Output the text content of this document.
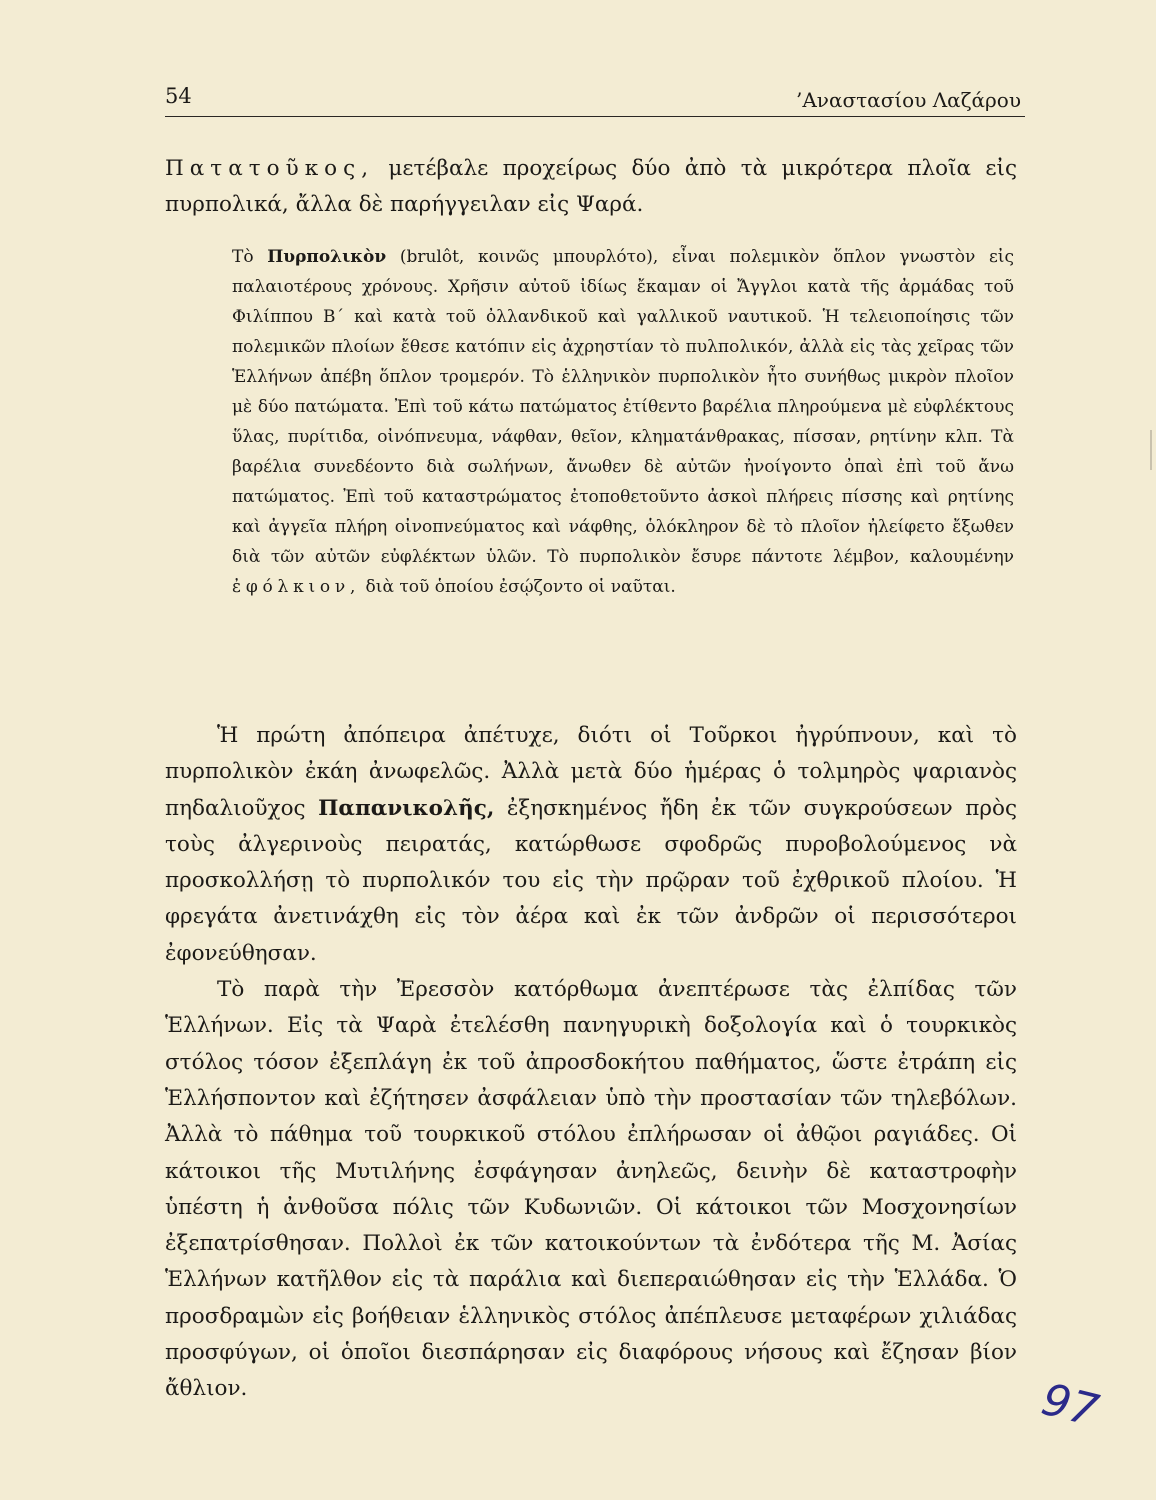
54	’Αναστασίου Λαζάρου

Πατατοῦκος, μετέβαλε προχείρως δύο ἀπὸ τὰ μικρότερα πλοῖα εἰς πυρπολικά, ἄλλα δὲ παρήγγειλαν εἰς Ψαρά.

Τὸ Πυρπολικὸν (brulôt, κοινῶς μπουρλότο), εἶναι πολεμικὸν ὅπλον γνωστὸν εἰς παλαιοτέρους χρόνους. Χρῆσιν αὐτοῦ ἰδίως ἔκαμαν οἱ Ἄγγλοι κατὰ τῆς ἀρμάδας τοῦ Φιλίππου Β΄ καὶ κατὰ τοῦ ὀλλανδικοῦ καὶ γαλλικοῦ ναυτικοῦ. Ἡ τελειοποίησις τῶν πολεμικῶν πλοίων ἔθεσε κατόπιν εἰς ἀχρηστίαν τὸ πυλπολικόν, ἀλλὰ εἰς τὰς χεῖρας τῶν Ἑλλήνων ἀπέβη ὅπλον τρομερόν. Τὸ ἑλληνικὸν πυρπολικὸν ἦτο συνήθως μικρὸν πλοῖον μὲ δύο πατώματα. Ἐπὶ τοῦ κάτω πατώματος ἐτίθεντο βαρέλια πληρούμενα μὲ εὐφλέκτους ὕλας, πυρίτιδα, οἰνόπνευμα, νάφθαν, θεῖον, κληματάνθρακας, πίσσαν, ρητίνην κλπ. Τὰ βαρέλια συνεδέοντο διὰ σωλήνων, ἄνωθεν δὲ αὐτῶν ἠνοίγοντο ὀπαὶ ἐπὶ τοῦ ἄνω πατώματος. Ἐπὶ τοῦ καταστρώματος ἐτοποθετοῦντο ἀσκοὶ πλήρεις πίσσης καὶ ρητίνης καὶ ἀγγεῖα πλήρη οἰνοπνεύματος καὶ νάφθης, ὁλόκληρον δὲ τὸ πλοῖον ἠλείφετο ἔξωθεν διὰ τῶν αὐτῶν εὐφλέκτων ὑλῶν. Τὸ πυρπολικὸν ἔσυρε πάντοτε λέμβον, καλουμένην ἐφόλκιον, διὰ τοῦ ὁποίου ἐσῴζοντο οἱ ναῦται.

Ἡ πρώτη ἀπόπειρα ἀπέτυχε, διότι οἱ Τοῦρκοι ἠγρύπνουν, καὶ τὸ πυρπολικὸν ἐκάη ἀνωφελῶς. Ἀλλὰ μετὰ δύο ἡμέρας ὁ τολμηρὸς ψαριανὸς πηδαλιοῦχος Παπανικολῆς, ἐξησκημένος ἤδη ἐκ τῶν συγκρούσεων πρὸς τοὺς ἀλγερινοὺς πειρατάς, κατώρθωσε σφοδρῶς πυροβολούμενος νὰ προσκολλήσῃ τὸ πυρπολικόν του εἰς τὴν πρῷραν τοῦ ἐχθρικοῦ πλοίου. Ἡ φρεγάτα ἀνετινάχθη εἰς τὸν ἀέρα καὶ ἐκ τῶν ἀνδρῶν οἱ περισσότεροι ἐφονεύθησαν.

Τὸ παρὰ τὴν Ἐρεσσὸν κατόρθωμα ἀνεπτέρωσε τὰς ἐλπίδας τῶν Ἑλλήνων. Εἰς τὰ Ψαρὰ ἐτελέσθη πανηγυρικὴ δοξολογία καὶ ὁ τουρκικὸς στόλος τόσον ἐξεπλάγη ἐκ τοῦ ἀπροσδοκήτου παθήματος, ὥστε ἐτράπη εἰς Ἑλλήσποντον καὶ ἐζήτησεν ἀσφάλειαν ὑπὸ τὴν προστασίαν τῶν τηλεβόλων. Ἀλλὰ τὸ πάθημα τοῦ τουρκικοῦ στόλου ἐπλήρωσαν οἱ ἀθῷοι ραγιάδες. Οἱ κάτοικοι τῆς Μυτιλήνης ἐσφάγησαν ἀνηλεῶς, δεινὴν δὲ καταστροφὴν ὑπέστη ἡ ἀνθοῦσα πόλις τῶν Κυδωνιῶν. Οἱ κάτοικοι τῶν Μοσχονησίων ἐξεπατρίσθησαν. Πολλοὶ ἐκ τῶν κατοικούντων τὰ ἐνδότερα τῆς Μ. Ἀσίας Ἑλλήνων κατῆλθον εἰς τὰ παράλια καὶ διεπεραιώθησαν εἰς τὴν Ἑλλάδα. Ὁ προσδραμὼν εἰς βοήθειαν ἑλληνικὸς στόλος ἀπέπλευσε μεταφέρων χιλιάδας προσφύγων, οἱ ὁποῖοι διεσπάρησαν εἰς διαφόρους νήσους καὶ ἔζησαν βίον ἄθλιον.	97
